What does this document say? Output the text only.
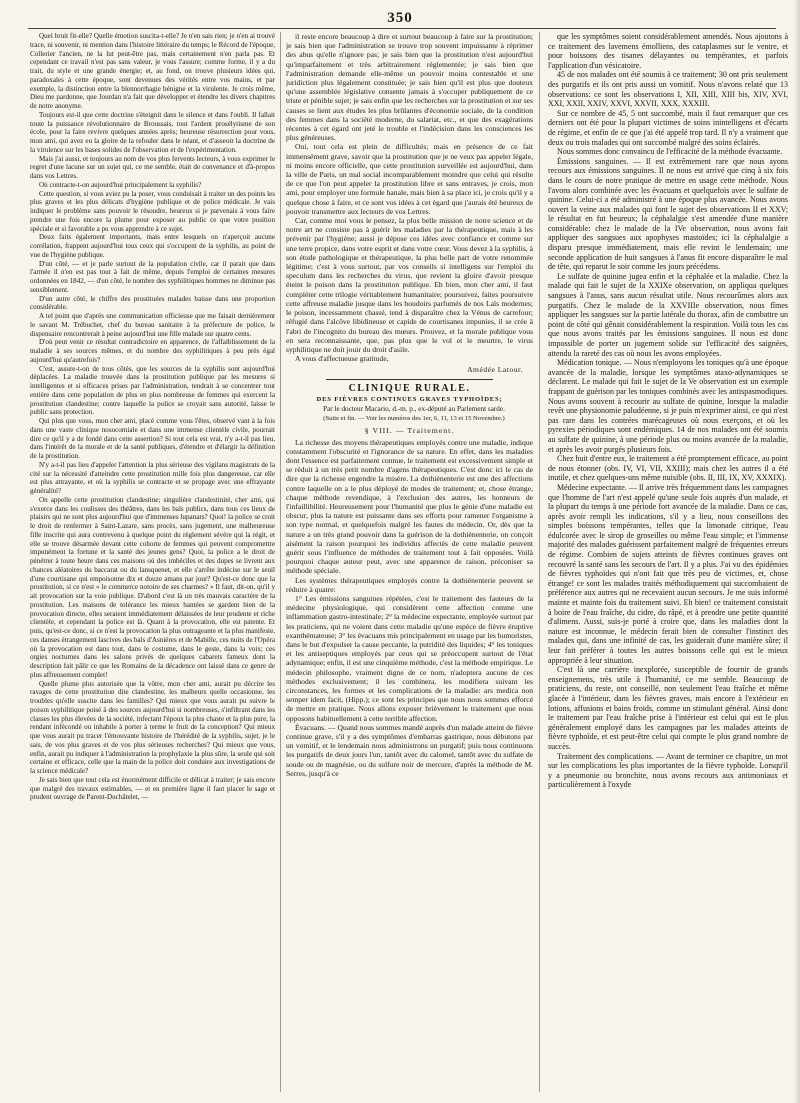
350

Quel bruit fit-elle? Quelle émotion suscita-t-elle? Je n'en sais rien; je n'en ai trouvé trace, ni souvenir, ni mention dans l'histoire littéraire du temps; le Récord de l'époque, Collerier l'ancien, ne la lut peut-être pas, mais certainement n'en parla pas. Et cependant ce travail n'est pas sans valeur, je vous l'assure; comme forme, il y a du trait, du style et une grande énergie; et, au fond, on trouve plusieurs idées qui, paradoxales à cette époque, sont devenues des vérités entre vos mains, et par exemple, la distinction entre la blennorrhagie bénigne et la virulente. Je crois même, Dieu me pardonne, que Jourdan n'a fait que développer et étendre les divers chapitres de notre anonyme.

Toujours est-il que cette doctrine s'éteignit dans le silence et dans l'oubli. Il fallait toute la puissance révolutionnaire de Broussais, tout l'ardent prosélytisme de son école, pour la faire revivre quelques années après; heureuse résurrection pour vous, mon ami, qui avez eu la gloire de la refouler dans le néant, et d'asseoir la doctrine de la virulence sur les bases solides de l'observation et de l'expérimentation.

Mais j'ai aussi, et toujours au nom de vos plus fervents lecteurs, à vous exprimer le regret d'une lacune sur un sujet qui, ce me semble, était de convenance et d'à-propos dans vos Lettres.

Où contracte-t-on aujourd'hui principalement la syphilis?

Cette question, si vous aviez pu la poser, vous conduisait à traiter un des points les plus graves et les plus délicats d'hygiène publique et de police médicale. Je vais indiquer le problème sans pouvoir le résoudre, heureux si je parvenais à vous faire prendre une fois encore la plume pour exposer au public ce que votre position spéciale et si favorable a pu vous apprendre à ce sujet.

Deux faits également importants, mais entre lesquels on n'aperçoit aucune corrélation, frappent aujourd'hui tous ceux qui s'occupent de la syphilis, au point de vue de l'hygiène publique.

D'un côté, — et je parle surtout de la population civile, car il parait que dans l'armée il n'en est pas tout à fait de même, depuis l'emploi de certaines mesures ordonnées en 1842, — d'un côté, le nombre des syphilitiques hommes ne diminue pas sensiblement.

D'un autre côté, le chiffre des prostituées malades baisse dans une proportion considérable.

A tel point que d'après une communication officieuse que me faisait dernièrement le savant M. Trébuchet, chef du bureau sanitaire à la préfecture de police, le dispensaire rencontrerait à peine aujourd'hui une fille malade sur quatre cents.

D'où peut venir ce résultat contradictoire en apparence, de l'affaiblissement de la maladie à ses sources mêmes, et du nombre des syphilitiques à peu près égal aujourd'hui qu'autrefois?

C'est, assure-t-on de tous côtés, que les sources de la syphilis sont aujourd'hui déplacées. La maladie trouvée dans la prostitution publique par les mesures si intelligentes et si efficaces prises par l'administration, tendrait à se concentrer tout entière dans cette population de plus en plus nombreuse de femmes qui exercent la prostitution clandestine; contre laquelle la police se croyait sans autorité, laisse le public sans protection.

Qui plus que vous, mon cher ami, placé comme vous l'êtes, observé vant à la fois dans une vaste clinique nosocomiale et dans une immense clientèle civile, pourrait dire ce qu'il y a de fondé dans cette assertion? Si tout cela est vrai, n'y a-t-il pas lieu, dans l'intérêt de la morale et de la santé publiques, d'étendre et d'élargir la définition de la prostitution.

N'y a-t-il pas lieu d'appeler l'attention la plus sérieuse des vigilans magistrats de la cité sur la nécessité d'atteindre cette prostitution mille fois plus dangereuse, car elle est plus attrayante, et où la syphilis se contracte et se propage avec une effrayante généralité?

On appelle cette prostitution clandestine; singulière clandestinité, cher ami, qui s'exerce dans les coulisses des théâtres, dans les bals publics, dans tous ces lieux de plaisirs qui ne sont plus aujourd'hui que d'immenses lupanars? Quoi! la police se croit le droit de renfermer à Saint-Lazare, sans procès, sans jugement, une malheureuse fille inscrite qui aura contrevenu à quelque point du règlement sévère qui la régit, et elle se trouve désarmée devant cette cohorte de femmes qui peuvent compromettre impunément la fortune et la santé des jeunes gens? Quoi, la police a le droit de pénétrer à toute heure dans ces maisons où des imbéciles et des dupes se livrent aux chances aléatoires du baccarat ou du lansquenet, et elle s'arrête indécise sur le seuil d'une courtisane qui empoisonne dix et douze amans par jour? Qu'est-ce donc que la prostitution, si ce n'est « le commerce notoire de ses charmes? » Il faut, dit-on, qu'il y ait provocation sur la voie publique. D'abord c'est là un très mauvais caractère de la prostitution. Les maisons de tolérance les mieux hantées se gardent bien de la provocation directe, elles seraient immédiatement délaissées de leur prudente et riche clientèle, et cependant la police est là. Quant à la provocation, elle est patente. Et puis, qu'est-ce donc, si ce n'est la provocation la plus outrageante et la plus manifeste, ces danses étrangement lascives des bals d'Asnières et de Mabille, ces nuits de l'Opéra où la provocation est dans tout, dans le costume, dans le geste, dans la voix; ces orgies nocturnes dans les salons privés de quelques cabarets fameux dont la description fait pâlir ce que les Romains de la décadence ont laissé dans ce genre de plus affreusement complet!

Quelle plume plus autorisée que la vôtre, mon cher ami, aurait pu décrire les ravages de cette prostitution dite clandestine, les malheurs quelle occasionne, les troubles qu'elle suscite dans les familles? Qui mieux que vous aurait pu suivre le poison syphilitique poisé à des sources aujourd'hui si nombreuses, s'infiltrant dans les classes les plus élevées de la société, infectant l'époux la plus chaste et la plus pure, la rendant infécondé ou inhabile à porter à terme le fruit de la conception? Qui mieux que vous aurait pu tracer l'émouvante histoire de l'hérédité de la syphilis, sujet, je le sais, de vos plus graves et de vos plus sérieuses recherches? Qui mieux que vous, enfin, aurait pu indiquer à l'administration la prophylaxie la plus sûre, la seule qui soit certaine et efficace, celle que la main de la police doit conduire aux investigations de la science médicale?

Je sais bien que tout cela est énormément difficile et délicat à traiter; je sais encore que malgré des travaux estimables, — et en première ligne il faut placer le sage et prudent ouvrage de Parent-Duchâtelet, —

il reste encore beaucoup à dire et surtout beaucoup à faire sur la prostitution; je sais bien que l'administration se trouve trop souvent impuissante à réprimer des abus qu'elle n'ignore pas; je sais bien que la prostitution n'est aujourd'hui qu'imparfaitement et très arbitrairement réglementée; je sais bien que l'administration demande elle-même un pouvoir moins contestable et une juridiction plus légalement constituée; je sais bien qu'il est plus que douteux qu'une assemblée législative consente jamais à s'occuper publiquement de ce triste et pénible sujet; je sais enfin que les recherches sur la prostitution et sur ses causes se lient aux études les plus brûlantes d'économie sociale, de la condition des femmes dans la société moderne, du salariat, etc., et que des exagérations récentes à cet égard ont jeté le trouble et l'indécision dans les consciences les plus généreuses.

Oui, tout cela est plein de difficultés; mais en présence de ce fait immensément grave, savoir que la prostitution que je ne veux pas appeler légale, ni moins encore officielle, que cette prostitution surveillée est aujourd'hui, dans la ville de Paris, un mal social incomparablement moindre que celui qui résulte de ce que l'on peut appeler la prostitution libre et sans entraves, je crois, mon ami, pour employer une formule banale, mais bien à sa place ici, je crois qu'il y a quelque chose à faire, et ce sont vos idées à cet égard que j'aurais été heureux de pouvoir transmettre aux lecteurs de vos Lettres.

Car, comme moi vous le pensez, la plus belle mission de notre science et de notre art ne consiste pas à guérir les maladies par la thérapeutique, mais à les prévenir par l'hygiène; aussi je dépose ces idées avec confiance et comme sur une terre propice, dans votre esprit et dans votre cœur. Vous devez à la syphilis, à son étude pathologique et thérapeutique, la plus belle part de votre renommée légitime; c'est à vous surtout, par vos conseils si intelligens sur l'emploi du speculum dans les recherches du virus, que revient la gloire d'avoir presque éteint le poison dans la prostitution publique. Eh bien, mon cher ami, il faut compléter cette trilogie véritablement humanitaire; poursuivez, faites poursuivre cette affreuse maladie jusque dans les boudoirs parfumés de nos Laïs modernes; le poison, incessamment chassé, tend à disparaître chez la Vénus de carrefour; réfugié dans l'alcôve libidineuse et capide de courtisanes impunies, il se crée à l'abri de l'incognito du bureau des mœurs. Prouvez, et la morale publique vous en sera reconnaissante, que, pas plus que le vol et le meurtre, le virus syphilitique ne doit jouir du droit d'asile.

A vous d'affectueuse gratitude,

Amédée Latour.
CLINIQUE RURALE.
DES FIÈVRES CONTINUES GRAVES TYPHOÏDES;

Par le docteur Macario, d.-m. p., ex-député au Parlement sarde.

(Suite et fin. — Voir les numéros des 1er, 6, 11, 13 et 15 Novembre.)

§ VIII. — Traitement.

La richesse des moyens thérapeutiques employés contre une maladie, indique constamment l'obscurité et l'ignorance de sa nature. En effet, dans les maladies dont l'essence est parfaitement connue, le traitement est excessivement simple et se réduit à un très petit nombre d'agens thérapeutiques. C'est donc ici le cas de dire que la richesse engendre la misère. La dothiénenterie est une des affections contre laquelle on a le plus déployé de modes de traitement; et, chose étrange, chaque méthode revendique, à l'exclusion des autres, les honneurs de l'infaillibilité. Heureusement pour l'humanité que plus le génie d'une maladie est obscur, plus la nature est puissante dans ses efforts pour ramener l'organisme à son type normal, et quelquefois malgré les fautes du médecin. Or, dès que la nature a un très grand pouvoir dans la guérison de la dothiénenterie, on conçoit aisément la raison pourquoi les individus affectés de cette maladie peuvent guérir sous l'influence de méthodes de traitement tout à fait opposées. Voilà pourquoi chaque auteur peut, avec une apparence de raison, préconiser sa méthode spéciale.

Les systèmes thérapeutiques employés contre la dothiénenterie peuvent se réduire à quatre:

1° Les émissions sanguines répétées, c'est le traitement des fauteurs de la médecine physiologique, qui considèrent cette affection comme une inflammation gastro-intestinale; 2° la médecine expectante, employée surtout par les praticiens, qui ne voient dans cette maladie qu'une espèce de fièvre éruptive exanthémateuse; 3° les évacuans mis principalement en usage par les humoristes, dans le but d'expulser la cause peccante, la putridité des liquides; 4° les toniques et les antiseptiques employés par ceux qui se préoccupent surtout de l'état adynamique; enfin, il est une cinquième méthode, c'est la méthode empirique. Le médecin philosophe, vraiment digne de ce nom, n'adoptera aucune de ces méthodes exclusivement; il les combinera, les modifiera suivant les circonstances, les formes et les complications de la maladie: ars medica non semper idem facit, (Hipp.); ce sont les principes que nous nous sommes efforcé de mettre en pratique. Nous allons exposer brièvement le traitement que nous opposons habituellement à cette terrible affection.

Évacuans. — Quand nous sommes mandé auprès d'un malade atteint de fièvre continue grave, s'il y a des symptômes d'embarras gastrique, nous débutons par un vomitif, et le lendemain nous administrons un purgatif; puis nous continuons les purgatifs de deux jours l'un, tantôt avec du calomel, tantôt avec du sulfate de soude ou de magnésie, ou du sulfure noir de mercure, d'après la méthode de M. Serres, jusqu'à ce

que les symptômes soient considérablement amendés. Nous ajoutons à ce traitement des lavemens émolliens, des cataplasmes sur le ventre, et pour boissons des tisanes délayantes ou tempérantes, et parfois l'application d'un vésicatoire.

45 de nos malades ont été soumis à ce traitement; 30 ont pris seulement des purgatifs et ils ont pris aussi un vomitif. Nous n'avons relaté que 13 observations: ce sont les observations I, XII, XIII, XIII bis, XIV, XVI, XXI, XXII, XXIV, XXVI, XXVII, XXX, XXXIII.

Sur ce nombre de 45, 5 ont succombé, mais il faut remarquer que ces derniers ont été pour la plupart victimes de soins inintelligens et d'écarts de régime, et enfin de ce que j'ai été appelé trop tard. Il n'y a vraiment que deux ou trois malades qui ont succombé malgré des soins éclairés.

Nous sommes donc convaincu de l'efficacité de la méthode évacuante.

Émissions sanguines. — Il est extrêmement rare que nous ayons recours aux émissions sanguines. Il ne nous est arrivé que cinq à six fois dans le cours de notre pratique de mettre en usage cette méthode. Nous l'avons alors combinée avec les évacuans et quelquefois avec le sulfate de quinine. Celui-ci a été administré à une époque plus avancée. Nous avons ouvert la veine aux malades qui font le sujet des observations II et XXV; le résultat en fut heureux; la céphalalgie s'est amendée d'une manière considérable: chez le malade de la IVe observation, nous avons fait appliquer des sangsues aux apophyses mastoïdes; ici la céphalalgie a disparu presque immédiatement, mais elle revint le lendemain; une seconde application de huit sangsues à l'anus fit encore disparaître le mal de tête, qui reparut le soir comme les jours précédens.

Le sulfate de quinine jugea enfin et la céphalée et la maladie. Chez la malade qui fait le sujet de la XXIXe observation, on appliqua quelques sangsues à l'anus, sans aucun résultat utile. Nous recourûmes alors aux purgatifs. Chez le malade de la XXVIIIe observation, nous fîmes appliquer les sangsues sur la partie latérale du thorax, afin de combattre un point de côté qui gênait considérablement la respiration. Voilà tous les cas que nous avons traités par les émissions sanguines. Il nous est donc impossible de porter un jugement solide sur l'efficacité des saignées, attendu la rareté des cas où nous les avons employées.

Médication tonique. — Nous n'employons les toniques qu'à une époque avancée de la maladie, lorsque les symptômes ataxo-adynamiques se déclarent. Le malade qui fait le sujet de la Ve observation est un exemple frappant de guérison par les toniques combinés avec les antispasmodiques. Nous avons souvent à recourir au sulfate de quinine, lorsque la maladie revêt une physionomie paludéenne, si je puis m'exprimer ainsi, ce qui n'est pas rare dans les contrées marécageuses où nous exerçons, et où les pyrexies périodiques sont endémiques. 14 de nos malades ont été soumis au sulfate de quinine, à une période plus ou moins avancée de la maladie, et après les avoir purgés plusieurs fois.

Chez huit d'entre eux, le traitement a été promptement efficace, au point de nous étonner (obs. IV, VI, VII, XXIII); mais chez les autres il a été inutile, et chez quelques-uns même nuisible (obs. II, III, IX, XV, XXXIX).

Médecine expectante. — Il arrive très fréquemment dans les campagnes que l'homme de l'art n'est appelé qu'une seule fois auprès d'un malade, et la plupart du temps à une période fort avancée de la maladie. Dans ce cas, après avoir rempli les indications, s'il y a lieu, nous conseillons des simples boissons tempérantes, telles que la limonade citrique, l'eau édulcorée avec le sirop de groseilles ou même l'eau simple; et l'immense majorité des malades guérissent parfaitement malgré de fréquentes erreurs de régime. Combien de sujets atteints de fièvres continues graves ont recouvré la santé sans les secours de l'art. Il y a plus. J'ai vu des épidémies de fièvres typhoïdes qui n'ont fait que très peu de victimes, et, chose étrange! ce sont les malades traités méthodiquement qui succombaient de préférence aux autres qui ne recevaient aucun secours. Je me suis informé mainte et mainte fois du traitement suivi. Eh bien! ce traitement consistait à boire de l'eau fraîche, du cidre, du râpé, et à prendre une petite quantité d'alimens. Aussi, suis-je porté à croire que, dans les maladies dont la nature est inconnue, le médecin ferait bien de consulter l'instinct des malades qui, dans une infinité de cas, les guiderait d'une manière sûre; il leur fait préférer à toutes les autres boissons celle qui est le mieux appropriée à leur situation.

C'est là une carrière inexplorée, susceptible de fournir de grands enseignemens, très utile à l'humanité, ce me semble. Beaucoup de praticiens, du reste, ont conseillé, non seulement l'eau fraîche et même glacée à l'intérieur, dans les fièvres graves, mais encore à l'extérieur en lotions, affusions et bains froids, comme un stimulant général. Ainsi donc le traitement par l'eau fraîche prise à l'intérieur est celui qui est le plus généralement employé dans les campagnes par les malades atteints de fièvre typhoïde, et est peut-être celui qui compte le plus grand nombre de succès.

Traitement des complications. — Avant de terminer ce chapitre, un mot sur les complications les plus importantes de la fièvre typhoïde. Lorsqu'il y a pneumonie ou bronchite, nous avons recours aux antimoniaux et particulièrement à l'oxyde
